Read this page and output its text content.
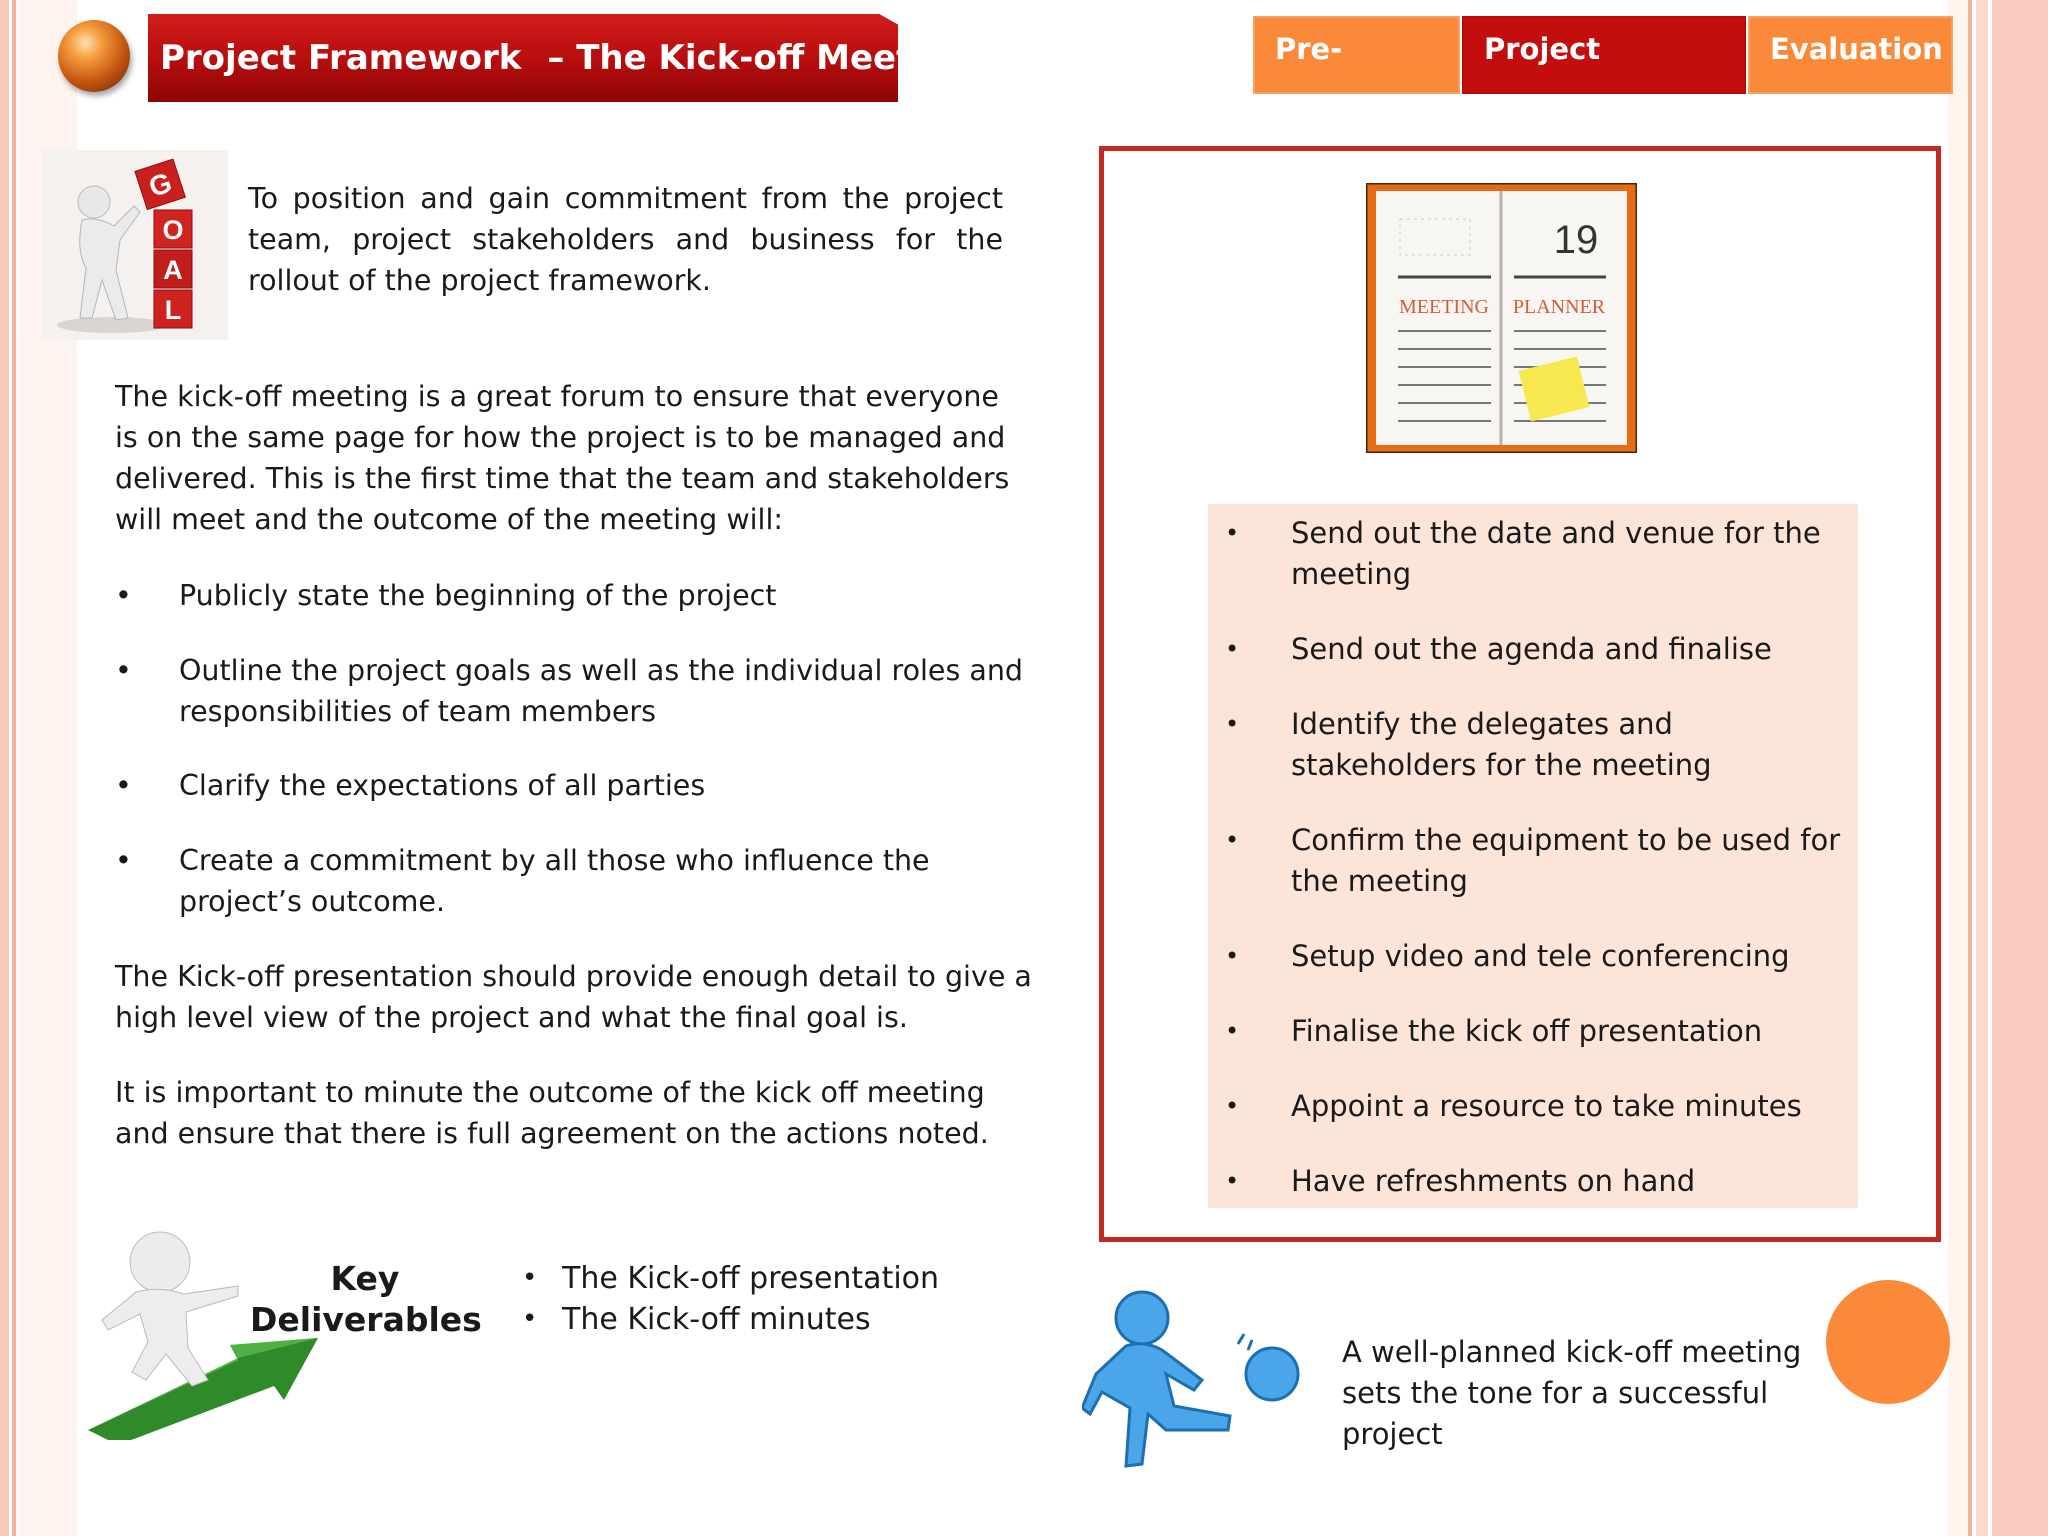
Project Framework – The Kick-off Meeting	Pre-Project
Project Delivery
Evaluation
G
O
A
L

To position and gain commitment from the project team, project stakeholders and business for the rollout of the project framework.

The kick-off meeting is a great forum to ensure that everyone is on the same page for how the project is to be managed and delivered. This is the first time that the team and stakeholders will meet and the outcome of the meeting will:

• Publicly state the beginning of the project
• Outline the project goals as well as the individual roles and responsibilities of team members
• Clarify the expectations of all parties
• Create a commitment by all those who influence the project’s outcome.

The Kick-off presentation should provide enough detail to give a high level view of the project and what the final goal is.

It is important to minute the outcome of the kick off meeting and ensure that there is full agreement on the actions noted.

Key Deliverables
• The Kick-off presentation
• The Kick-off minutes
19
MEETING PLANNER
• Send out the date and venue for the meeting
• Send out the agenda and finalise
• Identify the delegates and stakeholders for the meeting
• Confirm the equipment to be used for the meeting
• Setup video and tele conferencing
• Finalise the kick off presentation
• Appoint a resource to take minutes
• Have refreshments on hand

A well-planned kick-off meeting sets the tone for a successful project
